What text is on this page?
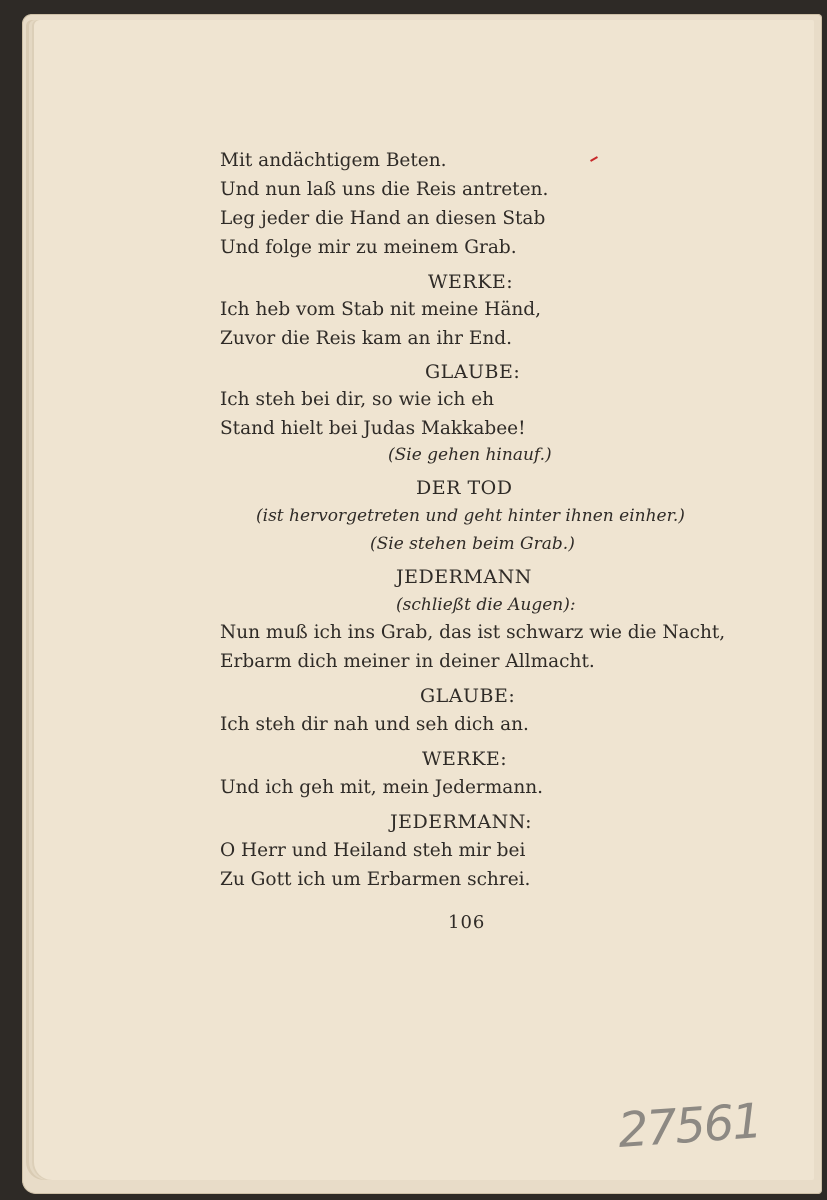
Mit andächtigem Beten.
Und nun laß uns die Reis antreten.
Leg jeder die Hand an diesen Stab
Und folge mir zu meinem Grab.
WERKE:
Ich heb vom Stab nit meine Händ,
Zuvor die Reis kam an ihr End.
GLAUBE:
Ich steh bei dir, so wie ich eh
Stand hielt bei Judas Makkabee!
(Sie gehen hinauf.)
DER TOD
(ist hervorgetreten und geht hinter ihnen einher.)
(Sie stehen beim Grab.)
JEDERMANN
(schließt die Augen):
Nun muß ich ins Grab, das ist schwarz wie die Nacht,
Erbarm dich meiner in deiner Allmacht.
GLAUBE:
Ich steh dir nah und seh dich an.
WERKE:
Und ich geh mit, mein Jedermann.
JEDERMANN:
O Herr und Heiland steh mir bei
Zu Gott ich um Erbarmen schrei.
106
27561
